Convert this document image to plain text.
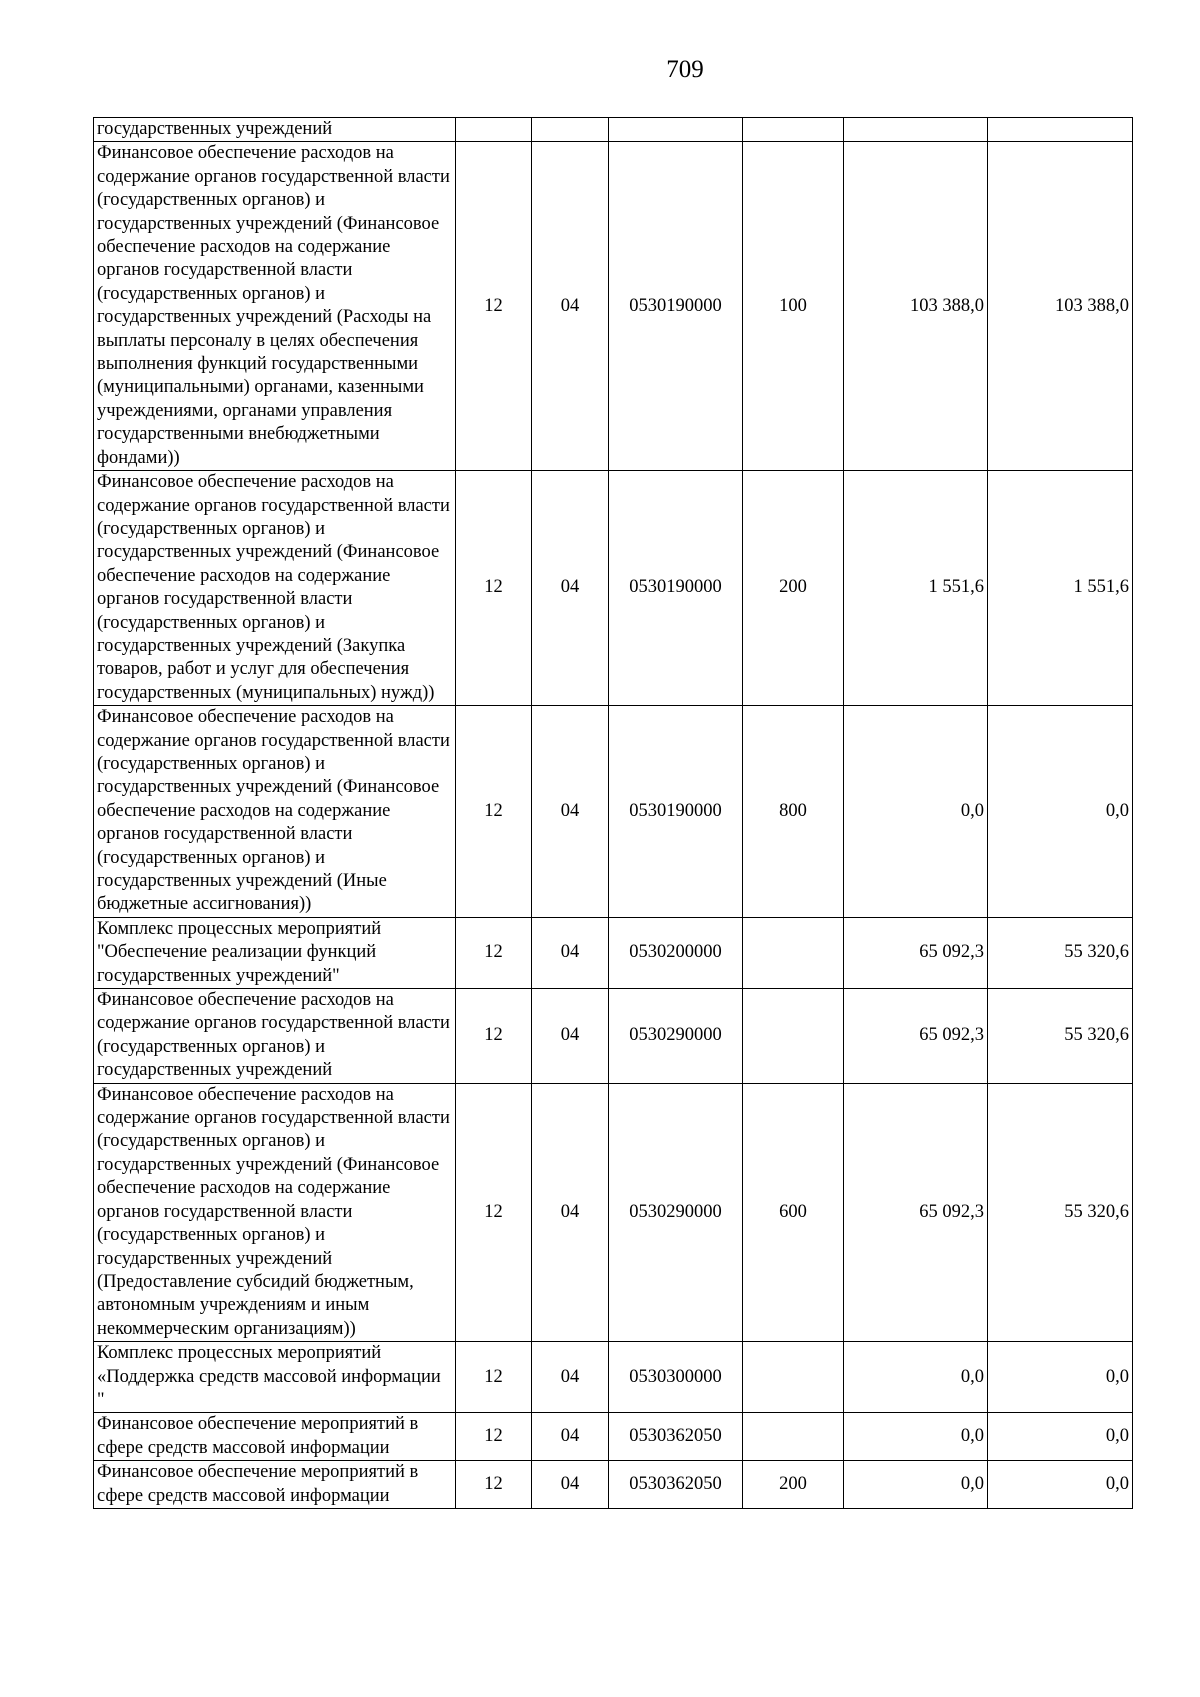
709
государственных учреждений						
Финансовое обеспечение расходов на содержание органов государственной власти (государственных органов) и государственных учреждений (Финансовое обеспечение расходов на содержание органов государственной власти (государственных органов) и государственных учреждений (Расходы на выплаты персоналу в целях обеспечения выполнения функций государственными (муниципальными) органами, казенными учреждениями, органами управления государственными внебюджетными фондами))	12	04	0530190000	100	103 388,0	103 388,0
Финансовое обеспечение расходов на содержание органов государственной власти (государственных органов) и государственных учреждений (Финансовое обеспечение расходов на содержание органов государственной власти (государственных органов) и государственных учреждений (Закупка товаров, работ и услуг для обеспечения государственных (муниципальных) нужд))	12	04	0530190000	200	1 551,6	1 551,6
Финансовое обеспечение расходов на содержание органов государственной власти (государственных органов) и государственных учреждений (Финансовое обеспечение расходов на содержание органов государственной власти (государственных органов) и государственных учреждений (Иные бюджетные ассигнования))	12	04	0530190000	800	0,0	0,0
Комплекс процессных мероприятий "Обеспечение реализации функций государственных учреждений"	12	04	0530200000		65 092,3	55 320,6
Финансовое обеспечение расходов на содержание органов государственной власти (государственных органов) и государственных учреждений	12	04	0530290000		65 092,3	55 320,6
Финансовое обеспечение расходов на содержание органов государственной власти (государственных органов) и государственных учреждений (Финансовое обеспечение расходов на содержание органов государственной власти (государственных органов) и государственных учреждений (Предоставление субсидий бюджетным, автономным учреждениям и иным некоммерческим организациям))	12	04	0530290000	600	65 092,3	55 320,6
Комплекс процессных мероприятий «Поддержка средств массовой информации "	12	04	0530300000		0,0	0,0
Финансовое обеспечение мероприятий в сфере средств массовой информации	12	04	0530362050		0,0	0,0
Финансовое обеспечение мероприятий в сфере средств массовой информации	12	04	0530362050	200	0,0	0,0
